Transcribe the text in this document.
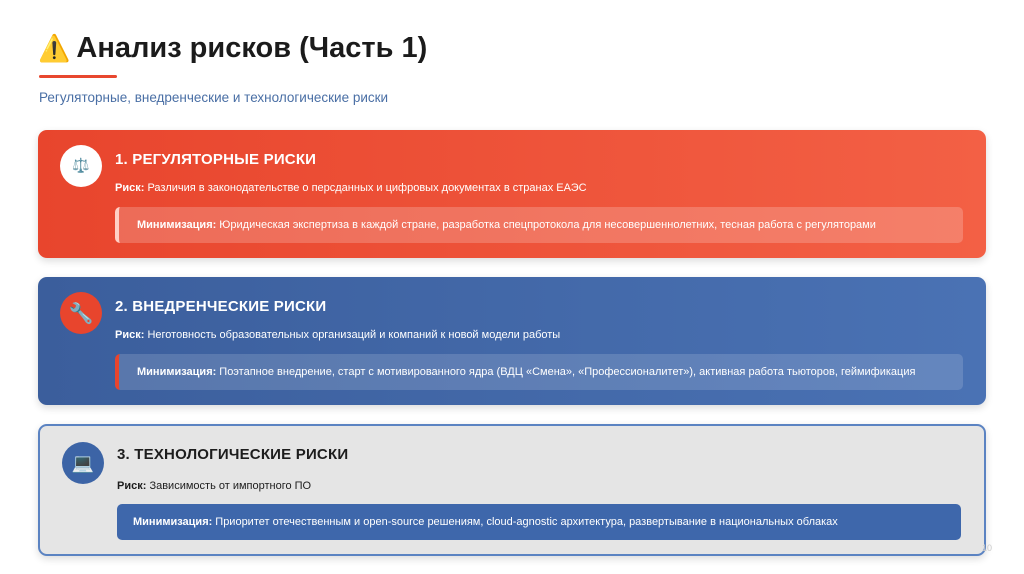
⚠️ Анализ рисков (Часть 1)
Регуляторные, внедренческие и технологические риски
⚖️	1. РЕГУЛЯТОРНЫЕ РИСКИ
Риск: Различия в законодательстве о персданных и цифровых документах в странах ЕАЭС
Минимизация: Юридическая экспертиза в каждой стране, разработка спецпротокола для несовершеннолетних, тесная работа с регуляторами
🔧	2. ВНЕДРЕНЧЕСКИЕ РИСКИ
Риск: Неготовность образовательных организаций и компаний к новой модели работы
Минимизация: Поэтапное внедрение, старт с мотивированного ядра (ВДЦ «Смена», «Профессионалитет»), активная работа тьюторов, геймификация
💻	3. ТЕХНОЛОГИЧЕСКИЕ РИСКИ
Риск: Зависимость от импортного ПО
Минимизация: Приоритет отечественным и open-source решениям, cloud-agnostic архитектура, развертывание в национальных облаках
10
